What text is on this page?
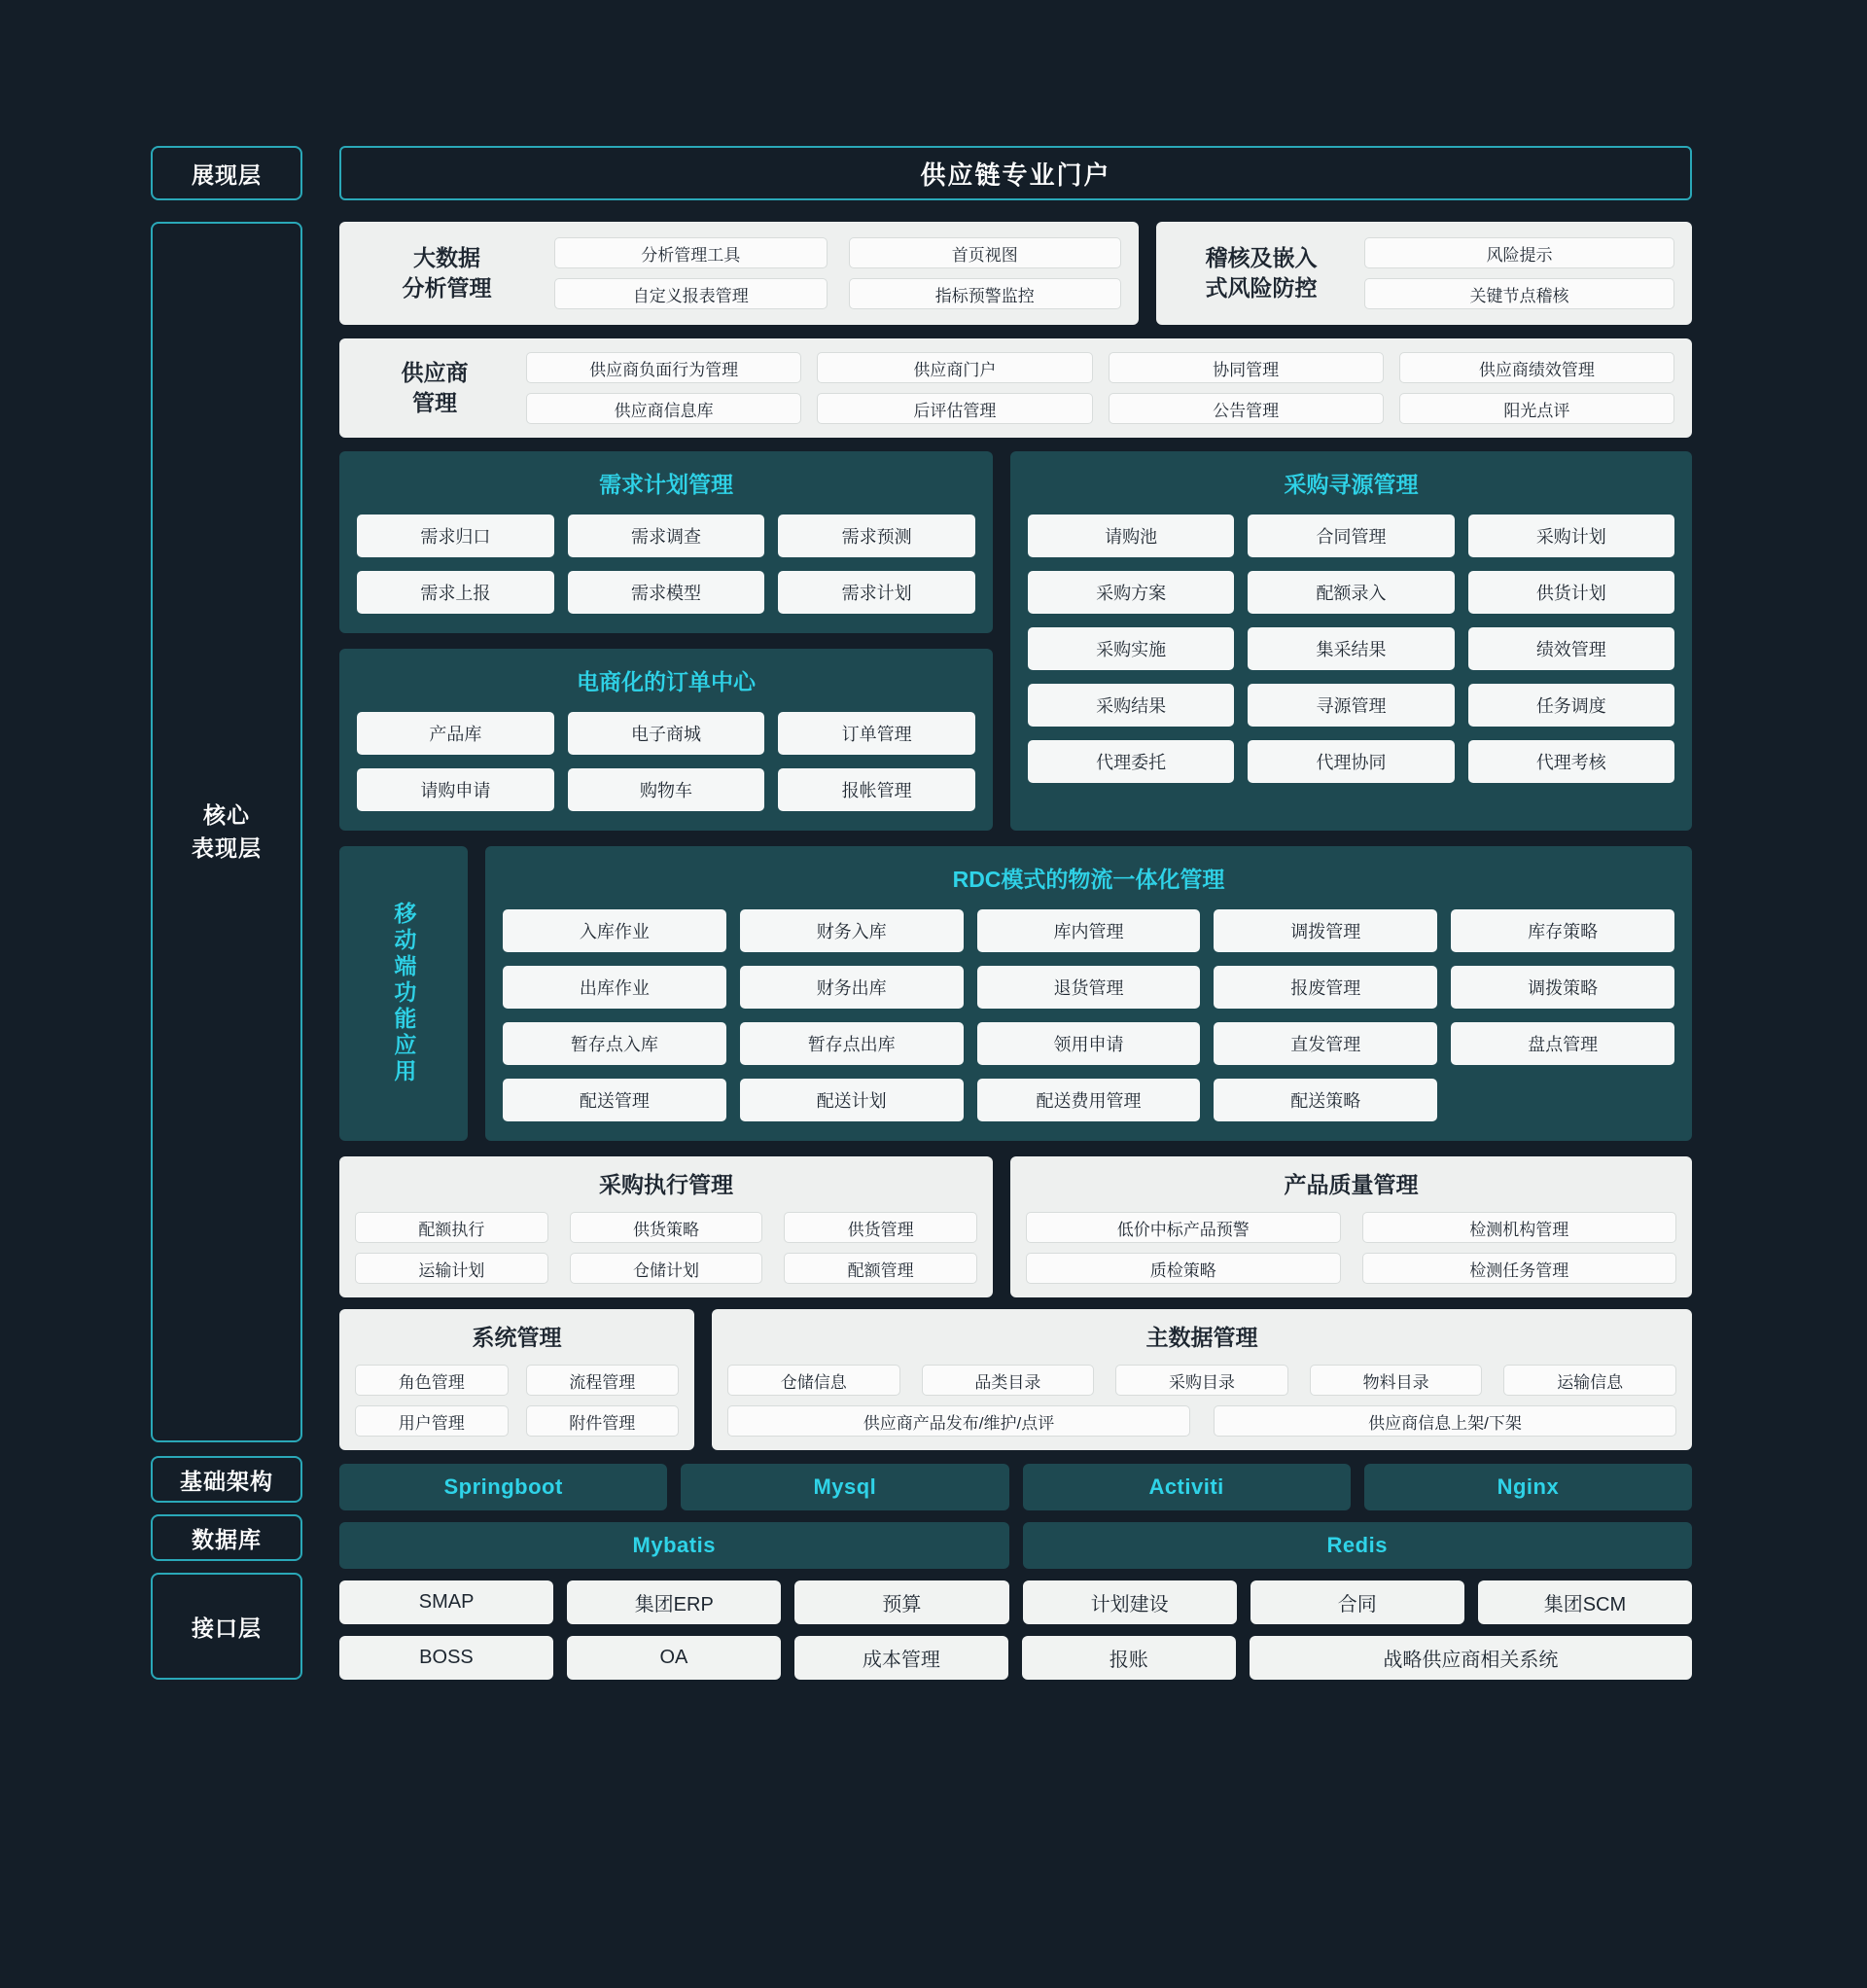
展现层
核心
表现层
基础架构
数据库
接口层
供应链专业门户
大数据
分析管理
分析管理工具	首页视图
自定义报表管理	指标预警监控
稽核及嵌入
式风险防控
风险提示
关键节点稽核
供应商
管理
供应商负面行为管理	供应商门户	协同管理	供应商绩效管理
供应商信息库	后评估管理	公告管理	阳光点评
需求计划管理
需求归口	需求调查	需求预测
需求上报	需求模型	需求计划
电商化的订单中心
产品库	电子商城	订单管理
请购申请	购物车	报帐管理
采购寻源管理
请购池	合同管理	采购计划
采购方案	配额录入	供货计划
采购实施	集采结果	绩效管理
采购结果	寻源管理	任务调度
代理委托	代理协同	代理考核
移动端功能应用
RDC模式的物流一体化管理
入库作业	财务入库	库内管理	调拨管理	库存策略
出库作业	财务出库	退货管理	报废管理	调拨策略
暂存点入库	暂存点出库	领用申请	直发管理	盘点管理
配送管理	配送计划	配送费用管理	配送策略
采购执行管理
配额执行	供货策略	供货管理
运输计划	仓储计划	配额管理
产品质量管理
低价中标产品预警	检测机构管理
质检策略	检测任务管理
系统管理
角色管理	流程管理
用户管理	附件管理
主数据管理
仓储信息	品类目录	采购目录	物料目录	运输信息
供应商产品发布/维护/点评	供应商信息上架/下架
Springboot	Mysql	Activiti	Nginx
Mybatis	Redis
SMAP	集团ERP	预算	计划建设	合同	集团SCM
BOSS	OA	成本管理	报账	战略供应商相关系统
